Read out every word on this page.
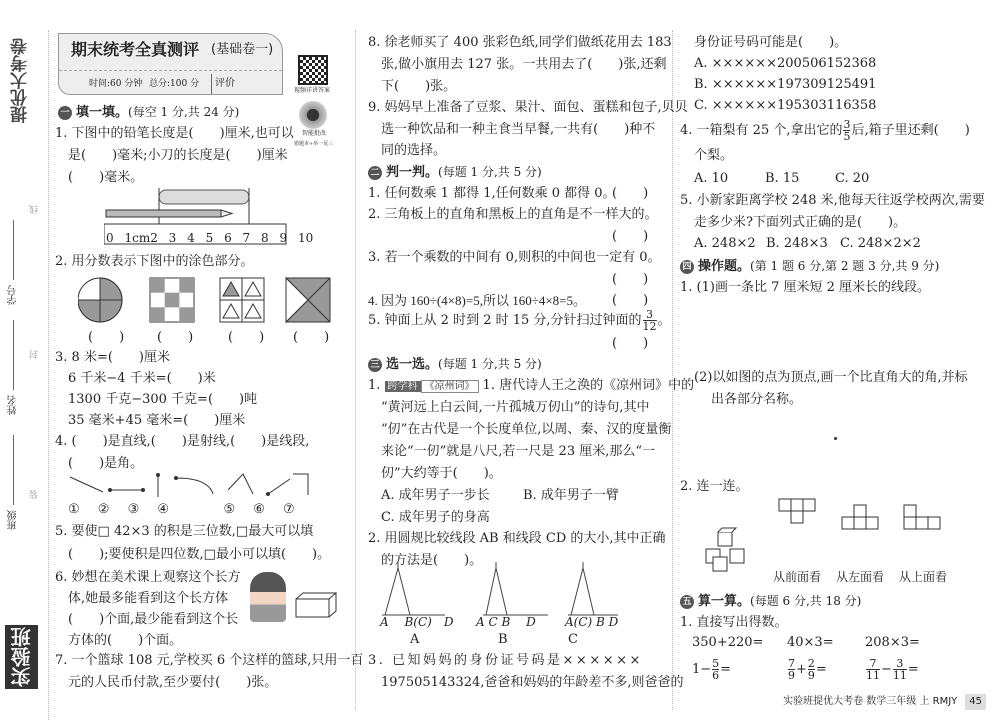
提优大考卷
学号
姓名
班级
线
封
装
实验班
期末统考全真测评 (基础卷一)
时间:60 分钟 总分:100 分	评价
视频详讲答案
智能批改
错题本+举一反三
一 填一填。(每空 1 分,共 24 分)
1. 下图中的铅笔长度是(　　)厘米,也可以
是(　　)毫米;小刀的长度是(　　)厘米
(　　)毫米。
0 1cm2 3 4 5 6 7 8 9 10
2. 用分数表示下图中的涂色部分。
(　　)	(　　)	(　　) (　　)
3. 8 米=(　　)厘米
6 千米−4 千米=(　　)米
1300 千克−300 千克=(　　)吨
35 毫米+45 毫米=(　　)厘米
4. (　　)是直线,(　　)是射线,(　　)是线段,
(　　)是角。
① ② ③ ④	⑤ ⑥ ⑦
5. 要使□ 42×3 的积是三位数,□最大可以填
(　　);要使积是四位数,□最小可以填(　　)。
6. 妙想在美术课上观察这个长方
体,她最多能看到这个长方体
(　　)个面,最少能看到这个长
方体的(　　)个面。
7. 一个篮球 108 元,学校买 6 个这样的篮球,只用一百
元的人民币付款,至少要付(　　)张。
8. 徐老师买了 400 张彩色纸,同学们做纸花用去 183
张,做小旗用去 127 张。一共用去了(　　)张,还剩
下(　　)张。
9. 妈妈早上准备了豆浆、果汁、面包、蛋糕和包子,贝贝
选一种饮品和一种主食当早餐,一共有(　　)种不
同的选择。
二 判一判。(每题 1 分,共 5 分)
1. 任何数乘 1 都得 1,任何数乘 0 都得 0。
(　　)
2. 三角板上的直角和黑板上的直角是不一样大的。
(　　)
3. 若一个乘数的中间有 0,则积的中间也一定有 0。
(　　)
4. 因为 160÷(4×8)=5,所以 160÷4×8=5。 (　　)
5. 钟面上从 2 时到 2 时 15 分,分针扫过钟面的 $\frac{3}{12}$ 。
(　　)
三 选一选。(每题 1 分,共 5 分)
1. 跨学科 《凉州词》 1. 唐代诗人王之涣的《凉州词》中的
“黄河远上白云间,一片孤城万仞山”的诗句,其中
“仞”在古代是一个长度单位,以周、秦、汉的度量衡
来论“一仞”就是八尺,若一尺是 23 厘米,那么“一
仞”大约等于(　　)。
A. 成年男子一步长	B. 成年男子一臂
C. 成年男子的身高
2. 用圆规比较线段 AB 和线段 CD 的大小,其中正确
的方法是(　　)。
A　 B(C)　D A C B　 D A(C) B D
A	B	C
3. 已知妈妈的身份证号码是××××××
197505143324,爸爸和妈妈的年龄差不多,则爸爸的
身份证号码可能是(　　)。
A. ××××××200506152368
B. ××××××197309125491
C. ××××××195303116358
4. 一箱梨有 25 个,拿出它的 $\frac{3}{5}$ 后,箱子里还剩(　　)
个梨。
A. 10	B. 15	C. 20
5. 小新家距离学校 248 米,他每天往返学校两次,需要
走多少米?下面列式正确的是(　　)。
A. 248×2 B. 248×3 C. 248×2×2
四 操作题。(第 1 题 6 分,第 2 题 3 分,共 9 分)
1. (1)画一条比 7 厘米短 2 厘米长的线段。
(2)以如图的点为顶点,画一个比直角大的角,并标
出各部分名称。
2. 连一连。
从前面看 从左面看 从上面看
五 算一算。(每题 6 分,共 18 分)
1. 直接写出得数。
350+220= 40×3= 208×3=
$1- \frac{5}{6}$ =	$\frac{7}{9} + \frac{2}{9}$ =	$\frac{7}{11} - \frac{3}{11}$ =
实验班提优大考卷 数学三年级 上 RMJY	45
